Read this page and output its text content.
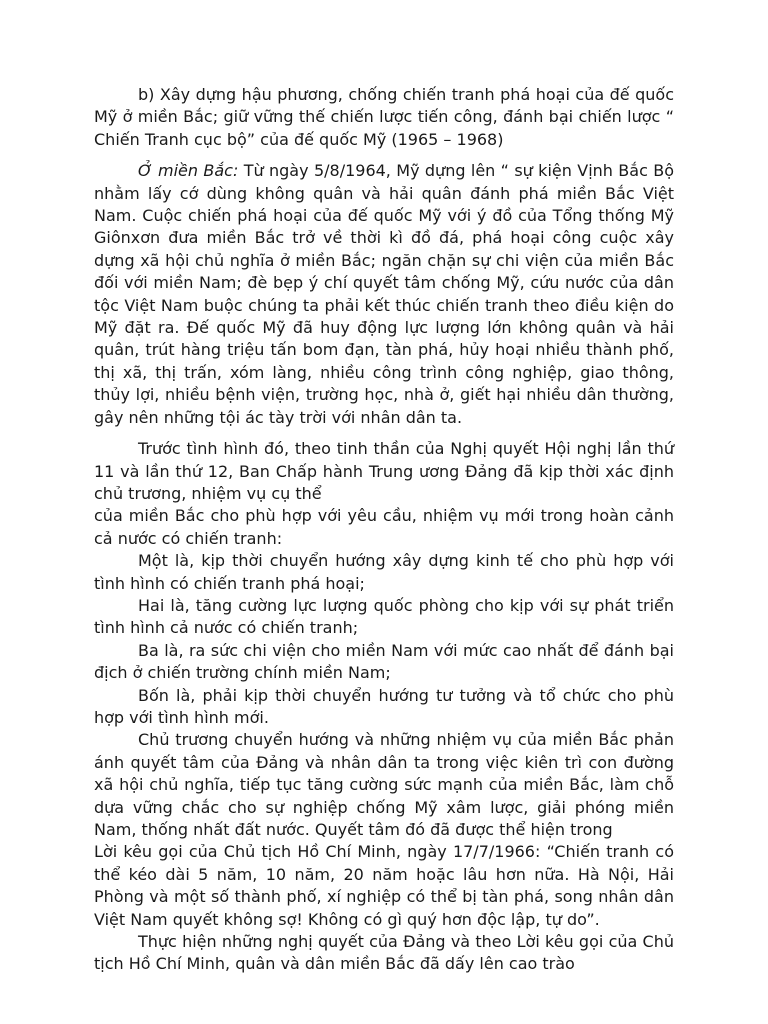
b) Xây dựng hậu phương, chống chiến tranh phá hoại của đế quốc Mỹ ở miền Bắc; giữ vững thế chiến lược tiến công, đánh bại chiến lược “ Chiến Tranh cục bộ” của đế quốc Mỹ (1965 – 1968)

Ở miền Bắc: Từ ngày 5/8/1964, Mỹ dựng lên “ sự kiện Vịnh Bắc Bộ nhằm lấy cớ dùng không quân và hải quân đánh phá miền Bắc Việt Nam. Cuộc chiến phá hoại của đế quốc Mỹ với ý đồ của Tổng thống Mỹ Giônxơn đưa miền Bắc trở về thời kì đồ đá, phá hoại công cuộc xây dựng xã hội chủ nghĩa ở miền Bắc; ngăn chặn sự chi viện của miền Bắc đối với miền Nam; đè bẹp ý chí quyết tâm chống Mỹ, cứu nước của dân tộc Việt Nam buộc chúng ta phải kết thúc chiến tranh theo điều kiện do Mỹ đặt ra. Đế quốc Mỹ đã huy động lực lượng lớn không quân và hải quân, trút hàng triệu tấn bom đạn, tàn phá, hủy hoại nhiều thành phố, thị xã, thị trấn, xóm làng, nhiều công trình công nghiệp, giao thông, thủy lợi, nhiều bệnh viện, trường học, nhà ở, giết hại nhiều dân thường, gây nên những tội ác tày trời với nhân dân ta.

Trước tình hình đó, theo tinh thần của Nghị quyết Hội nghị lần thứ 11 và lần thứ 12, Ban Chấp hành Trung ương Đảng đã kịp thời xác định chủ trương, nhiệm vụ cụ thể

của miền Bắc cho phù hợp với yêu cầu, nhiệm vụ mới trong hoàn cảnh cả nước có chiến tranh:

Một là, kịp thời chuyển hướng xây dựng kinh tế cho phù hợp với tình hình có chiến tranh phá hoại;

Hai là, tăng cường lực lượng quốc phòng cho kịp với sự phát triển tình hình cả nước có chiến tranh;

Ba là, ra sức chi viện cho miền Nam với mức cao nhất để đánh bại địch ở chiến trường chính miền Nam;

Bốn là, phải kịp thời chuyển hướng tư tưởng và tổ chức cho phù hợp với tình hình mới.

Chủ trương chuyển hướng và những nhiệm vụ của miền Bắc phản ánh quyết tâm của Đảng và nhân dân ta trong việc kiên trì con đường xã hội chủ nghĩa, tiếp tục tăng cường sức mạnh của miền Bắc, làm chỗ dựa vững chắc cho sự nghiệp chống Mỹ xâm lược, giải phóng miền Nam, thống nhất đất nước. Quyết tâm đó đã được thể hiện trong

Lời kêu gọi của Chủ tịch Hồ Chí Minh, ngày 17/7/1966: “Chiến tranh có thể kéo dài 5 năm, 10 năm, 20 năm hoặc lâu hơn nữa. Hà Nội, Hải Phòng và một số thành phố, xí nghiệp có thể bị tàn phá, song nhân dân Việt Nam quyết không sợ! Không có gì quý hơn độc lập, tự do”.

Thực hiện những nghị quyết của Đảng và theo Lời kêu gọi của Chủ tịch Hồ Chí Minh, quân và dân miền Bắc đã dấy lên cao trào
